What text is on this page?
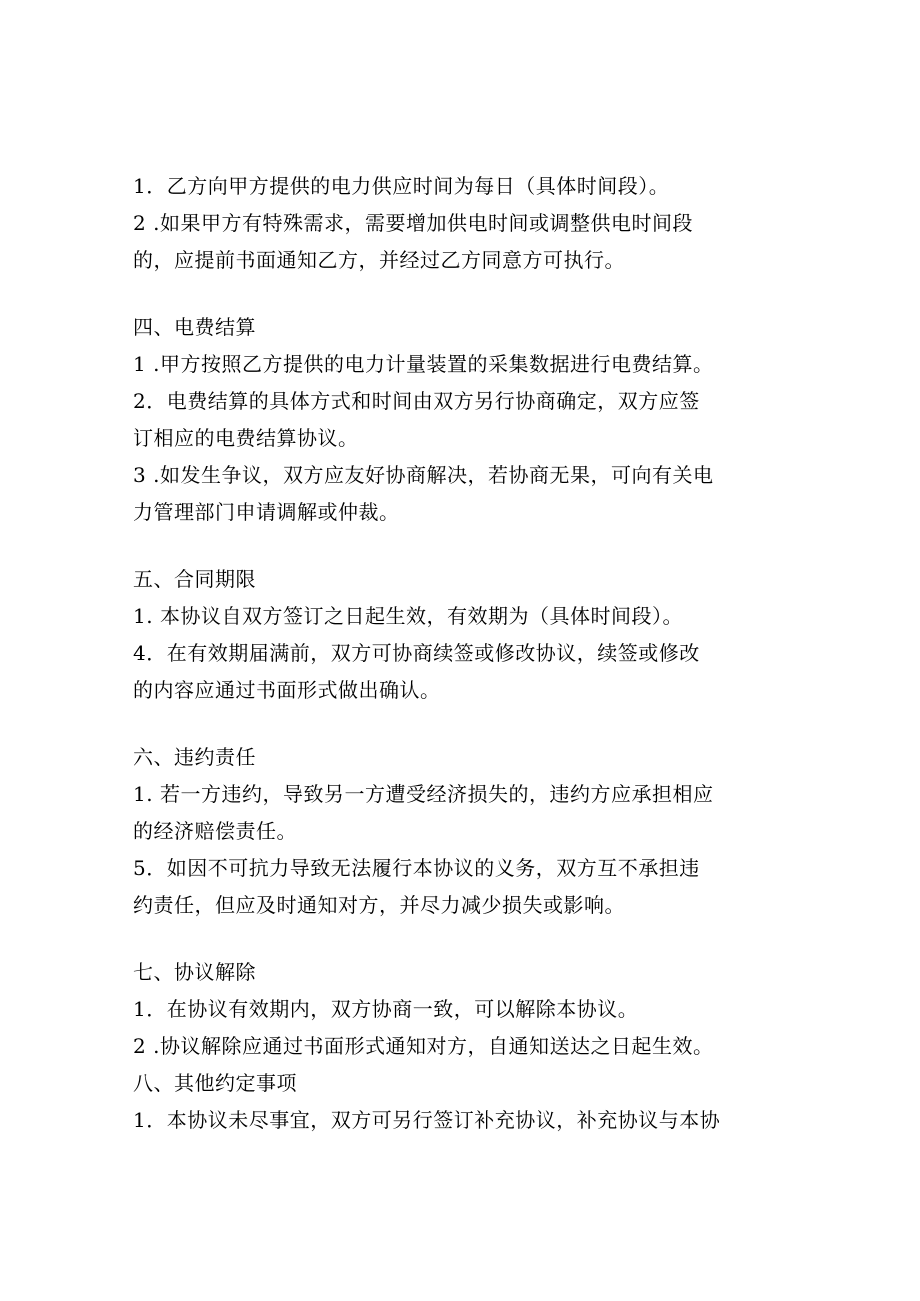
1．乙方向甲方提供的电力供应时间为每日（具体时间段）。
2 .如果甲方有特殊需求，需要增加供电时间或调整供电时间段
的，应提前书面通知乙方，并经过乙方同意方可执行。
四、电费结算
1 .甲方按照乙方提供的电力计量装置的采集数据进行电费结算。
2．电费结算的具体方式和时间由双方另行协商确定，双方应签
订相应的电费结算协议。
3 .如发生争议，双方应友好协商解决，若协商无果，可向有关电
力管理部门申请调解或仲裁。
五、合同期限
1. 本协议自双方签订之日起生效，有效期为（具体时间段）。
4．在有效期届满前，双方可协商续签或修改协议，续签或修改
的内容应通过书面形式做出确认。
六、违约责任
1. 若一方违约，导致另一方遭受经济损失的，违约方应承担相应
的经济赔偿责任。
5．如因不可抗力导致无法履行本协议的义务，双方互不承担违
约责任，但应及时通知对方，并尽力减少损失或影响。
七、协议解除
1．在协议有效期内，双方协商一致，可以解除本协议。
2 .协议解除应通过书面形式通知对方，自通知送达之日起生效。
八、其他约定事项
1．本协议未尽事宜，双方可另行签订补充协议，补充协议与本协
